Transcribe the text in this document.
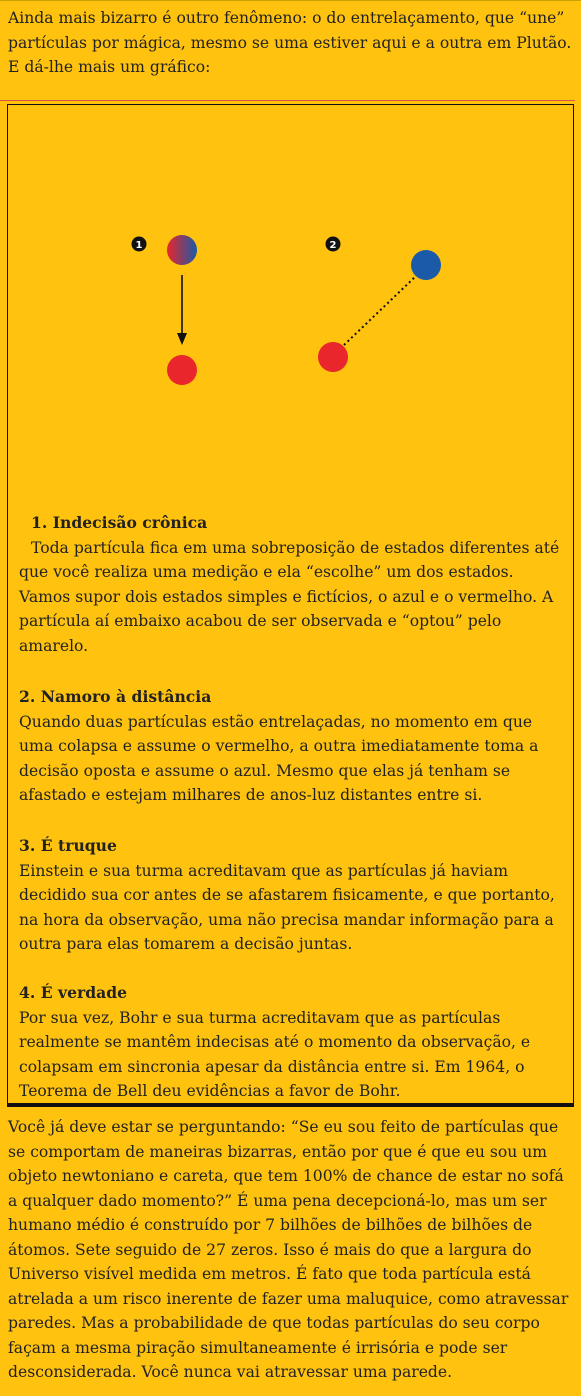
Ainda mais bizarro é outro fenômeno: o do entrelaçamento, que “une” partículas por mágica, mesmo se uma estiver aqui e a outra em Plutão. E dá-lhe mais um gráfico:

1	2

1. Indecisão crônica

Toda partícula fica em uma sobreposição de estados diferentes até que você realiza uma medição e ela “escolhe” um dos estados. Vamos supor dois estados simples e fictícios, o azul e o vermelho. A partícula aí embaixo acabou de ser observada e “optou” pelo amarelo.

2. Namoro à distância

Quando duas partículas estão entrelaçadas, no momento em que uma colapsa e assume o vermelho, a outra imediatamente toma a decisão oposta e assume o azul. Mesmo que elas já tenham se afastado e estejam milhares de anos-luz distantes entre si.

3. É truque

Einstein e sua turma acreditavam que as partículas já haviam decidido sua cor antes de se afastarem fisicamente, e que portanto, na hora da observação, uma não precisa mandar informação para a outra para elas tomarem a decisão juntas.

4. É verdade

Por sua vez, Bohr e sua turma acreditavam que as partículas realmente se mantêm indecisas até o momento da observação, e colapsam em sincronia apesar da distância entre si. Em 1964, o Teorema de Bell deu evidências a favor de Bohr.

Você já deve estar se perguntando: “Se eu sou feito de partículas que se comportam de maneiras bizarras, então por que é que eu sou um objeto newtoniano e careta, que tem 100% de chance de estar no sofá a qualquer dado momento?” É uma pena decepcioná-lo, mas um ser humano médio é construído por 7 bilhões de bilhões de bilhões de átomos. Sete seguido de 27 zeros. Isso é mais do que a largura do Universo visível medida em metros. É fato que toda partícula está atrelada a um risco inerente de fazer uma maluquice, como atravessar paredes. Mas a probabilidade de que todas partículas do seu corpo façam a mesma piração simultaneamente é irrisória e pode ser desconsiderada. Você nunca vai atravessar uma parede.
